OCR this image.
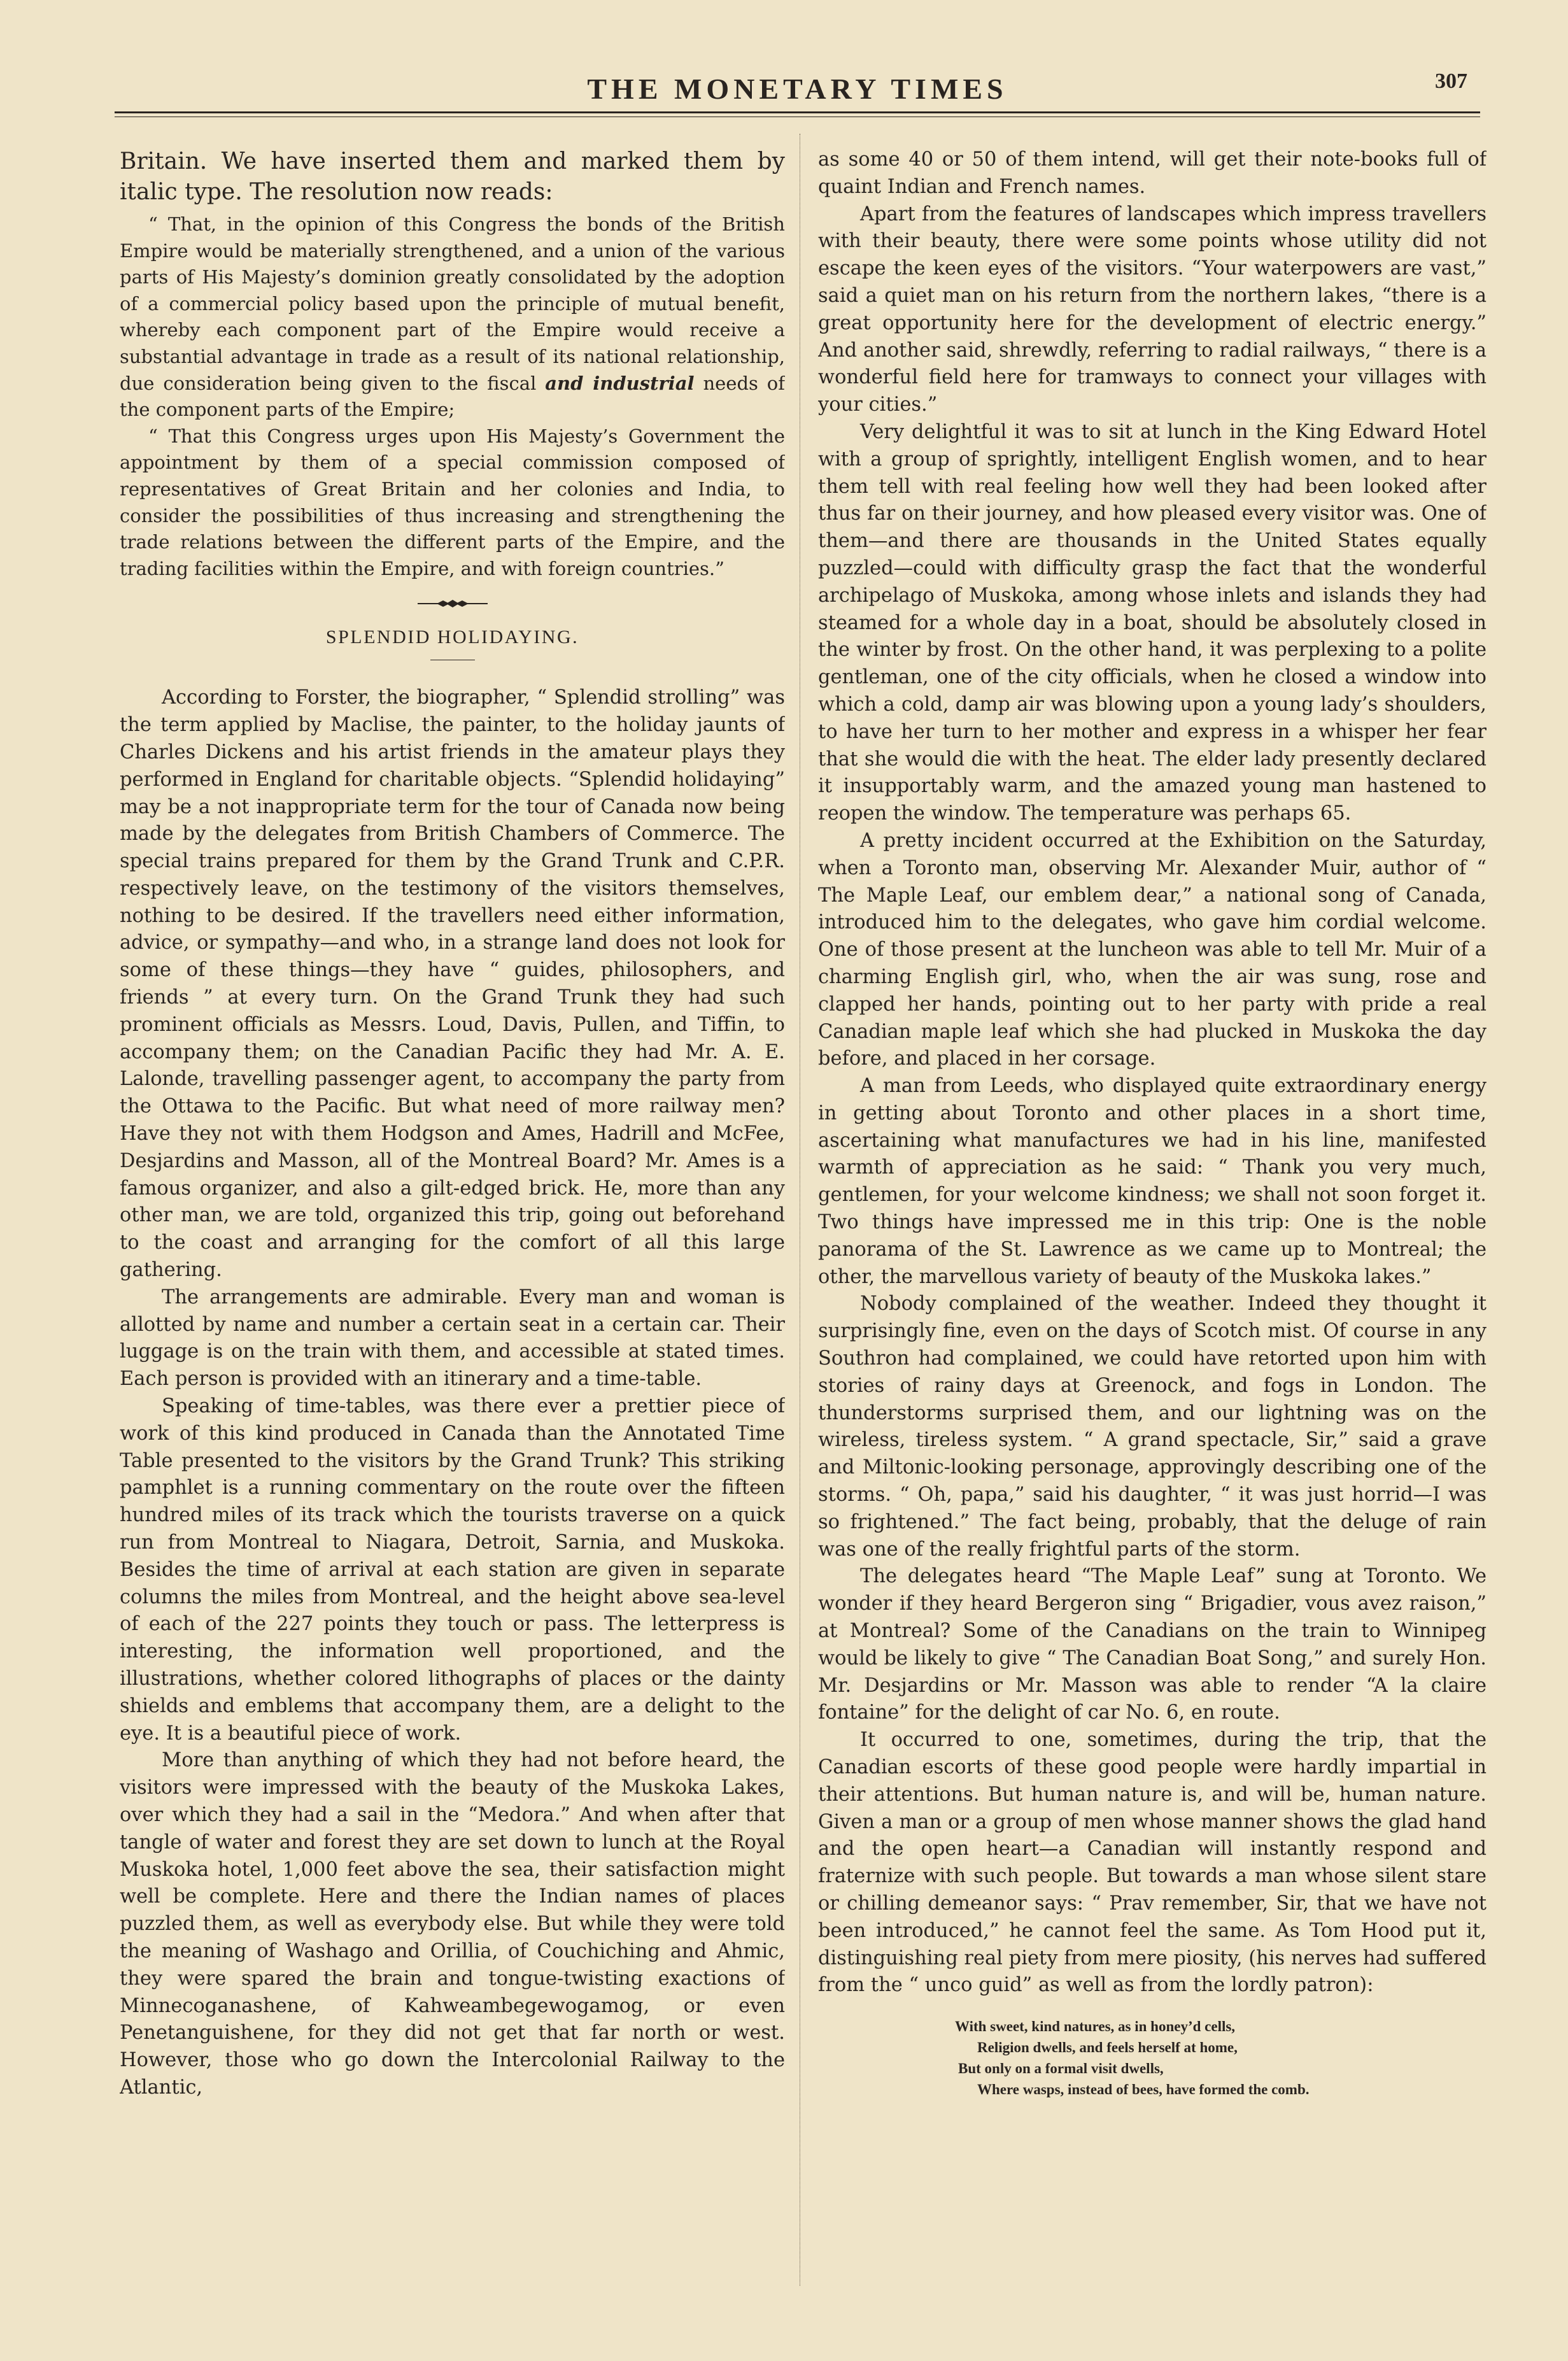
THE MONETARY TIMES	307

Britain. We have inserted them and marked them by italic type. The resolution now reads:

“ That, in the opinion of this Congress the bonds of the British Empire would be materially strengthened, and a union of the various parts of His Majesty’s dominion greatly consolidated by the adoption of a commercial policy based upon the principle of mutual benefit, whereby each component part of the Empire would receive a substantial advantage in trade as a result of its national relationship, due consideration being given to the fiscal and industrial needs of the component parts of the Empire;

“ That this Congress urges upon His Majesty’s Government the appointment by them of a special commission composed of representatives of Great Britain and her colonies and India, to consider the possibilities of thus increasing and strengthening the trade relations between the different parts of the Empire, and the trading facilities within the Empire, and with foreign countries.”

SPLENDID HOLIDAYING.

According to Forster, the biographer, “ Splendid strolling” was the term applied by Maclise, the painter, to the holiday jaunts of Charles Dickens and his artist friends in the amateur plays they performed in England for charitable objects. “Splendid holidaying” may be a not inappropriate term for the tour of Canada now being made by the delegates from British Chambers of Commerce. The special trains prepared for them by the Grand Trunk and C.P.R. respectively leave, on the testimony of the visitors themselves, nothing to be desired. If the travellers need either information, advice, or sympathy—and who, in a strange land does not look for some of these things—they have “ guides, philosophers, and friends ” at every turn. On the Grand Trunk they had such prominent officials as Messrs. Loud, Davis, Pullen, and Tiffin, to accompany them; on the Canadian Pacific they had Mr. A. E. Lalonde, travelling passenger agent, to accompany the party from the Ottawa to the Pacific. But what need of more railway men? Have they not with them Hodgson and Ames, Hadrill and McFee, Desjardins and Masson, all of the Montreal Board? Mr. Ames is a famous organizer, and also a gilt-edged brick. He, more than any other man, we are told, organized this trip, going out beforehand to the coast and arranging for the comfort of all this large gathering.

The arrangements are admirable. Every man and woman is allotted by name and number a certain seat in a certain car. Their luggage is on the train with them, and accessible at stated times. Each person is provided with an itinerary and a time-table.

Speaking of time-tables, was there ever a prettier piece of work of this kind produced in Canada than the Annotated Time Table presented to the visitors by the Grand Trunk? This striking pamphlet is a running commentary on the route over the fifteen hundred miles of its track which the tourists traverse on a quick run from Montreal to Niagara, Detroit, Sarnia, and Muskoka. Besides the time of arrival at each station are given in separate columns the miles from Montreal, and the height above sea-level of each of the 227 points they touch or pass. The letterpress is interesting, the information well proportioned, and the illustrations, whether colored lithographs of places or the dainty shields and emblems that accompany them, are a delight to the eye. It is a beautiful piece of work.

More than anything of which they had not before heard, the visitors were impressed with the beauty of the Muskoka Lakes, over which they had a sail in the “Medora.” And when after that tangle of water and forest they are set down to lunch at the Royal Muskoka hotel, 1,000 feet above the sea, their satisfaction might well be complete. Here and there the Indian names of places puzzled them, as well as everybody else. But while they were told the meaning of Washago and Orillia, of Couchiching and Ahmic, they were spared the brain and tongue-twisting exactions of Minnecoganashene, of Kahweambegewogamog, or even Penetanguishene, for they did not get that far north or west. However, those who go down the Intercolonial Railway to the Atlantic,

as some 40 or 50 of them intend, will get their note-books full of quaint Indian and French names.

Apart from the features of landscapes which impress travellers with their beauty, there were some points whose utility did not escape the keen eyes of the visitors. “Your waterpowers are vast,” said a quiet man on his return from the northern lakes, “there is a great opportunity here for the development of electric energy.” And another said, shrewdly, referring to radial railways, “ there is a wonderful field here for tramways to connect your villages with your cities.”

Very delightful it was to sit at lunch in the King Edward Hotel with a group of sprightly, intelligent English women, and to hear them tell with real feeling how well they had been looked after thus far on their journey, and how pleased every visitor was. One of them—and there are thousands in the United States equally puzzled—could with difficulty grasp the fact that the wonderful archipelago of Muskoka, among whose inlets and islands they had steamed for a whole day in a boat, should be absolutely closed in the winter by frost. On the other hand, it was perplexing to a polite gentleman, one of the city officials, when he closed a window into which a cold, damp air was blowing upon a young lady’s shoulders, to have her turn to her mother and express in a whisper her fear that she would die with the heat. The elder lady presently declared it insupportably warm, and the amazed young man hastened to reopen the window. The temperature was perhaps 65.

A pretty incident occurred at the Exhibition on the Saturday, when a Toronto man, observing Mr. Alexander Muir, author of “ The Maple Leaf, our emblem dear,” a national song of Canada, introduced him to the delegates, who gave him cordial welcome. One of those present at the luncheon was able to tell Mr. Muir of a charming English girl, who, when the air was sung, rose and clapped her hands, pointing out to her party with pride a real Canadian maple leaf which she had plucked in Muskoka the day before, and placed in her corsage.

A man from Leeds, who displayed quite extraordinary energy in getting about Toronto and other places in a short time, ascertaining what manufactures we had in his line, manifested warmth of appreciation as he said: “ Thank you very much, gentlemen, for your welcome kindness; we shall not soon forget it. Two things have impressed me in this trip: One is the noble panorama of the St. Lawrence as we came up to Montreal; the other, the marvellous variety of beauty of the Muskoka lakes.”

Nobody complained of the weather. Indeed they thought it surprisingly fine, even on the days of Scotch mist. Of course in any Southron had complained, we could have retorted upon him with stories of rainy days at Greenock, and fogs in London. The thunderstorms surprised them, and our lightning was on the wireless, tireless system. “ A grand spectacle, Sir,” said a grave and Miltonic-looking personage, approvingly describing one of the storms. “ Oh, papa,” said his daughter, “ it was just horrid—I was so frightened.” The fact being, probably, that the deluge of rain was one of the really frightful parts of the storm.

The delegates heard “The Maple Leaf” sung at Toronto. We wonder if they heard Bergeron sing “ Brigadier, vous avez raison,” at Montreal? Some of the Canadians on the train to Winnipeg would be likely to give “ The Canadian Boat Song,” and surely Hon. Mr. Desjardins or Mr. Masson was able to render “A la claire fontaine” for the delight of car No. 6, en route.

It occurred to one, sometimes, during the trip, that the Canadian escorts of these good people were hardly impartial in their attentions. But human nature is, and will be, human nature. Given a man or a group of men whose manner shows the glad hand and the open heart—a Canadian will instantly respond and fraternize with such people. But towards a man whose silent stare or chilling demeanor says: “ Prav remember, Sir, that we have not been introduced,” he cannot feel the same. As Tom Hood put it, distinguishing real piety from mere piosity, (his nerves had suffered from the “ unco guid” as well as from the lordly patron):

With sweet, kind natures, as in honey’d cells,
Religion dwells, and feels herself at home,
But only on a formal visit dwells,
Where wasps, instead of bees, have formed the comb.
